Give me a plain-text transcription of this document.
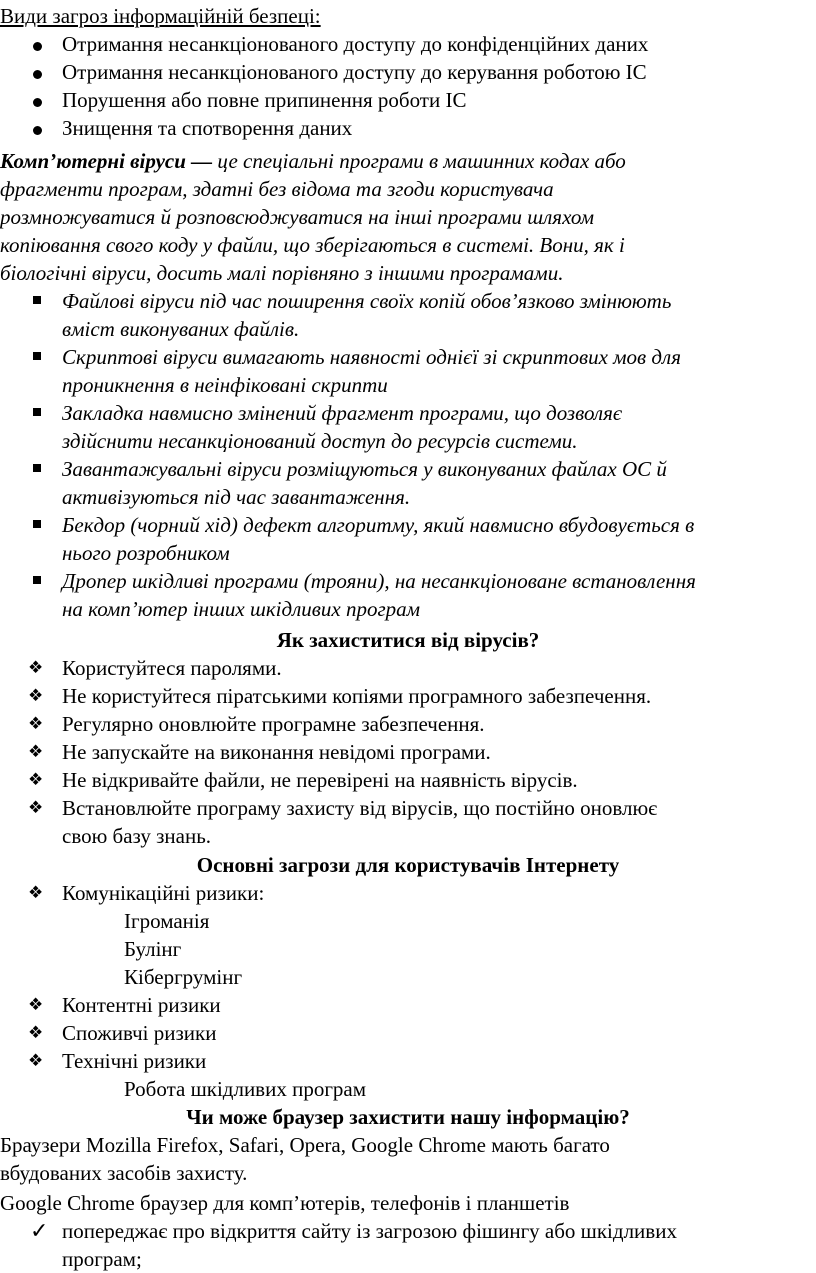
Види загроз інформаційній безпеці:
Отримання несанкціонованого доступу до конфіденційних даних
Отримання несанкціонованого доступу до керування роботою ІС
Порушення або повне припинення роботи ІС
Знищення та спотворення даних
Комп’ютерні віруси — це спеціальні програми в машинних кодах або
фрагменти програм, здатні без відома та згоди користувача
розмножуватися й розповсюджуватися на інші програми шляхом
копіювання свого коду у файли, що зберігаються в системі. Вони, як і
біологічні віруси, досить малі порівняно з іншими програмами.
Файлові віруси під час поширення своїх копій обов’язково змінюють
вміст виконуваних файлів.
Скриптові віруси вимагають наявності однієї зі скриптових мов для
проникнення в неінфіковані скрипти
Закладка навмисно змінений фрагмент програми, що дозволяє
здійснити несанкціонований доступ до ресурсів системи.
Завантажувальні віруси розміщуються у виконуваних файлах ОС й
активізуються під час завантаження.
Бекдор (чорний хід) дефект алгоритму, який навмисно вбудовується в
нього розробником
Дропер шкідливі програми (трояни), на несанкціоноване встановлення
на комп’ютер інших шкідливих програм
Як захиститися від вірусів?
❖ Користуйтеся паролями.
❖ Не користуйтеся піратськими копіями програмного забезпечення.
❖ Регулярно оновлюйте програмне забезпечення.
❖ Не запускайте на виконання невідомі програми.
❖ Не відкривайте файли, не перевірені на наявність вірусів.
❖ Встановлюйте програму захисту від вірусів, що постійно оновлює
свою базу знань.
Основні загрози для користувачів Інтернету
❖ Комунікаційні ризики:
Ігроманія
Булінг
Кібергрумінг
❖ Контентні ризики
❖ Споживчі ризики
❖ Технічні ризики
Робота шкідливих програм
Чи може браузер захистити нашу інформацію?
Браузери Mozilla Firefox, Safari, Opera, Google Chrome мають багато
вбудованих засобів захисту.
Google Chrome браузер для комп’ютерів, телефонів і планшетів
✓ попереджає про відкриття сайту із загрозою фішингу або шкідливих
програм;
